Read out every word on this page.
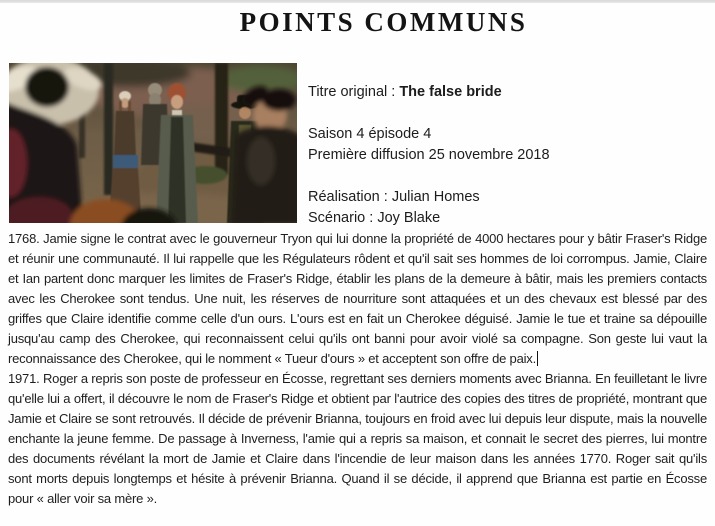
POINTS COMMUNS
Titre original : The false bride
Saison 4 épisode 4
Première diffusion 25 novembre 2018
Réalisation : Julian Homes
Scénario : Joy Blake

1768. Jamie signe le contrat avec le gouverneur Tryon qui lui donne la propriété de 4000 hectares pour y bâtir Fraser's Ridge et réunir une communauté. Il lui rappelle que les Régulateurs rôdent et qu'il sait ses hommes de loi corrompus. Jamie, Claire et Ian partent donc marquer les limites de Fraser's Ridge, établir les plans de la demeure à bâtir, mais les premiers contacts avec les Cherokee sont tendus. Une nuit, les réserves de nourriture sont attaquées et un des chevaux est blessé par des griffes que Claire identifie comme celle d'un ours. L'ours est en fait un Cherokee déguisé. Jamie le tue et traine sa dépouille jusqu'au camp des Cherokee, qui reconnaissent celui qu'ils ont banni pour avoir violé sa compagne. Son geste lui vaut la reconnaissance des Cherokee, qui le nomment « Tueur d'ours » et acceptent son offre de paix.

1971. Roger a repris son poste de professeur en Écosse, regrettant ses derniers moments avec Brianna. En feuilletant le livre qu'elle lui a offert, il découvre le nom de Fraser's Ridge et obtient par l'autrice des copies des titres de propriété, montrant que Jamie et Claire se sont retrouvés. Il décide de prévenir Brianna, toujours en froid avec lui depuis leur dispute, mais la nouvelle enchante la jeune femme. De passage à Inverness, l'amie qui a repris sa maison, et connait le secret des pierres, lui montre des documents révélant la mort de Jamie et Claire dans l'incendie de leur maison dans les années 1770. Roger sait qu'ils sont morts depuis longtemps et hésite à prévenir Brianna. Quand il se décide, il apprend que Brianna est partie en Écosse pour « aller voir sa mère ».
